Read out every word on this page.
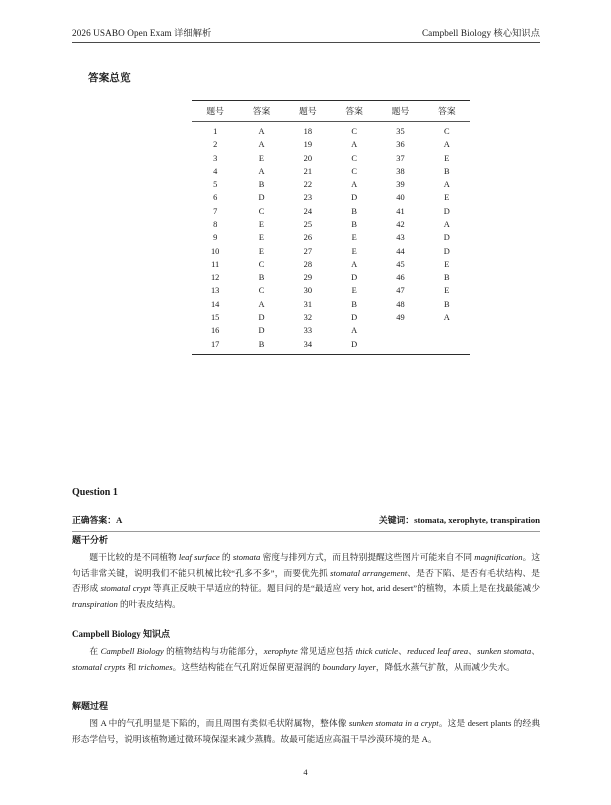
2026 USABO Open Exam 详细解析	Campbell Biology 核心知识点
答案总览
题号	答案	题号	答案	题号	答案
1	A	18	C	35	C
2	A	19	A	36	A
3	E	20	C	37	E
4	A	21	C	38	B
5	B	22	A	39	A
6	D	23	D	40	E
7	C	24	B	41	D
8	E	25	B	42	A
9	E	26	E	43	D
10	E	27	E	44	D
11	C	28	A	45	E
12	B	29	D	46	B
13	C	30	E	47	E
14	A	31	B	48	B
15	D	32	D	49	A
16	D	33	A		
17	B	34	D		
Question 1
正确答案：A	关键词：stomata, xerophyte, transpiration
题干分析
题干比较的是不同植物 leaf surface 的 stomata 密度与排列方式，而且特别提醒这些图片可能来自不同 magnification。这句话非常关键，说明我们不能只机械比较“孔多不多”，而要优先抓 stomatal arrangement、是否下陷、是否有毛状结构、是否形成 stomatal crypt 等真正反映干旱适应的特征。题目问的是“最适应 very hot, arid desert”的植物，本质上是在找最能减少 transpiration 的叶表皮结构。
Campbell Biology 知识点
在 Campbell Biology 的植物结构与功能部分，xerophyte 常见适应包括 thick cuticle、reduced leaf area、sunken stomata、stomatal crypts 和 trichomes。这些结构能在气孔附近保留更湿润的 boundary layer，降低水蒸气扩散，从而减少失水。
解题过程
图 A 中的气孔明显是下陷的，而且周围有类似毛状附属物，整体像 sunken stomata in a crypt。这是 desert plants 的经典形态学信号，说明该植物通过微环境保湿来减少蒸腾。故最可能适应高温干旱沙漠环境的是 A。
4
